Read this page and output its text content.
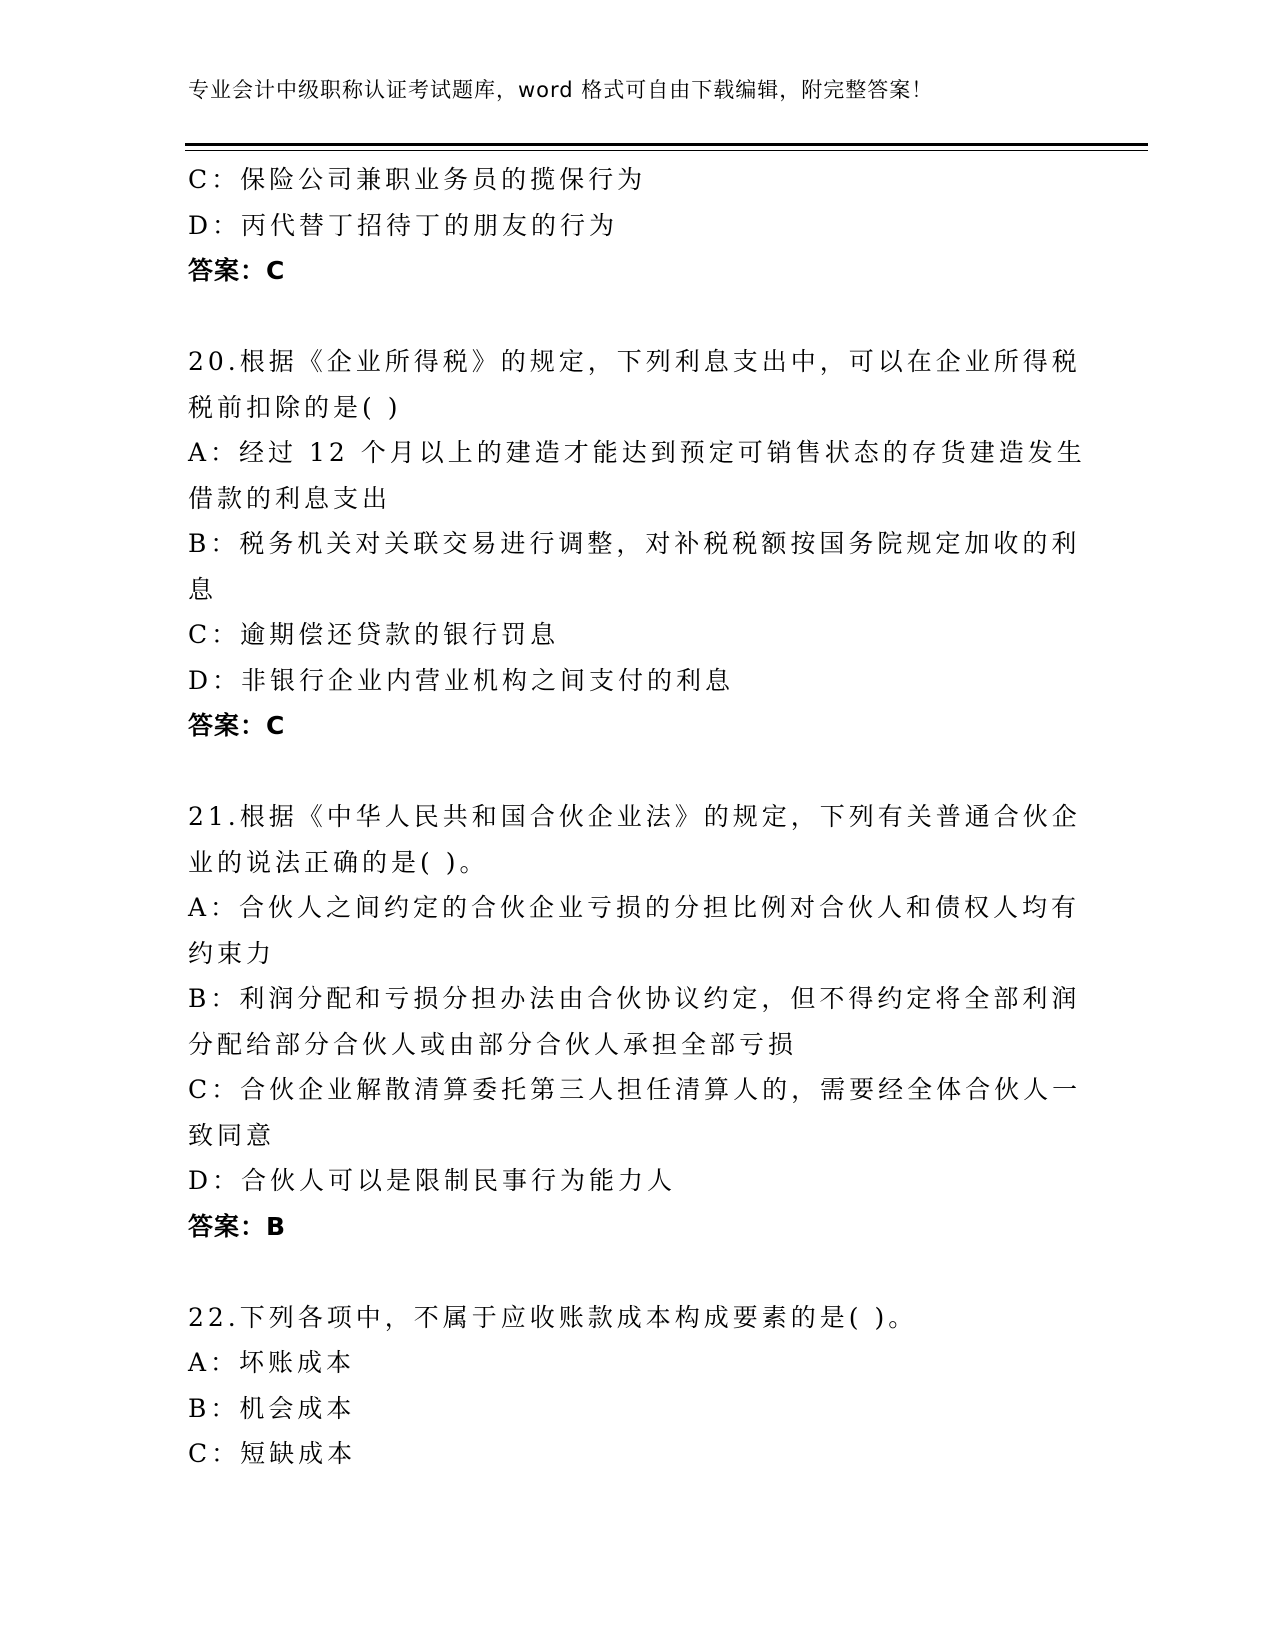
专业会计中级职称认证考试题库，word 格式可自由下载编辑，附完整答案！
C：保险公司兼职业务员的揽保行为
D：丙代替丁招待丁的朋友的行为
答案：C
20.根据《企业所得税》的规定，下列利息支出中，可以在企业所得税
税前扣除的是( )
A：经过 12 个月以上的建造才能达到预定可销售状态的存货建造发生
借款的利息支出
B：税务机关对关联交易进行调整，对补税税额按国务院规定加收的利
息
C：逾期偿还贷款的银行罚息
D：非银行企业内营业机构之间支付的利息
答案：C
21.根据《中华人民共和国合伙企业法》的规定，下列有关普通合伙企
业的说法正确的是( )。
A：合伙人之间约定的合伙企业亏损的分担比例对合伙人和债权人均有
约束力
B：利润分配和亏损分担办法由合伙协议约定，但不得约定将全部利润
分配给部分合伙人或由部分合伙人承担全部亏损
C：合伙企业解散清算委托第三人担任清算人的，需要经全体合伙人一
致同意
D：合伙人可以是限制民事行为能力人
答案：B
22.下列各项中，不属于应收账款成本构成要素的是( )。
A：坏账成本
B：机会成本
C：短缺成本
